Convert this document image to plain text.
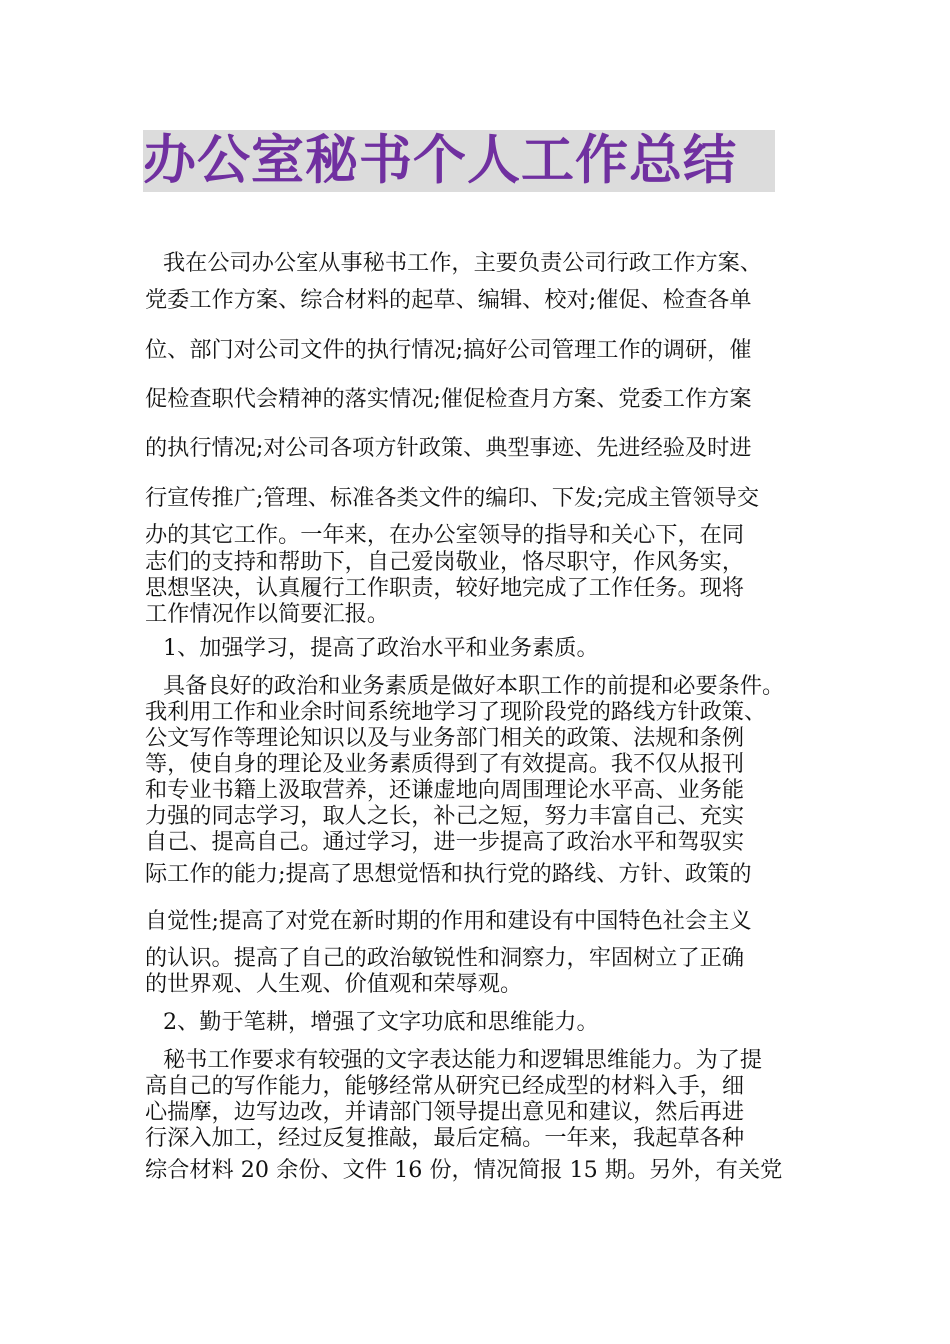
办公室秘书个人工作总结
我在公司办公室从事秘书工作，主要负责公司行政工作方案、
党委工作方案、综合材料的起草、编辑、校对;催促、检查各单
位、部门对公司文件的执行情况;搞好公司管理工作的调研，催
促检查职代会精神的落实情况;催促检查月方案、党委工作方案
的执行情况;对公司各项方针政策、典型事迹、先进经验及时进
行宣传推广;管理、标准各类文件的编印、下发;完成主管领导交
办的其它工作。一年来，在办公室领导的指导和关心下，在同
志们的支持和帮助下，自己爱岗敬业，恪尽职守，作风务实，
思想坚决，认真履行工作职责，较好地完成了工作任务。现将
工作情况作以简要汇报。
1、加强学习，提高了政治水平和业务素质。
具备良好的政治和业务素质是做好本职工作的前提和必要条件。
我利用工作和业余时间系统地学习了现阶段党的路线方针政策、
公文写作等理论知识以及与业务部门相关的政策、法规和条例
等，使自身的理论及业务素质得到了有效提高。我不仅从报刊
和专业书籍上汲取营养，还谦虚地向周围理论水平高、业务能
力强的同志学习，取人之长，补己之短，努力丰富自己、充实
自己、提高自己。通过学习，进一步提高了政治水平和驾驭实
际工作的能力;提高了思想觉悟和执行党的路线、方针、政策的
自觉性;提高了对党在新时期的作用和建设有中国特色社会主义
的认识。提高了自己的政治敏锐性和洞察力，牢固树立了正确
的世界观、人生观、价值观和荣辱观。
2、勤于笔耕，增强了文字功底和思维能力。
秘书工作要求有较强的文字表达能力和逻辑思维能力。为了提
高自己的写作能力，能够经常从研究已经成型的材料入手，细
心揣摩，边写边改，并请部门领导提出意见和建议，然后再进
行深入加工，经过反复推敲，最后定稿。一年来，我起草各种
综合材料 20 余份、文件 16 份，情况简报 15 期。另外，有关党
